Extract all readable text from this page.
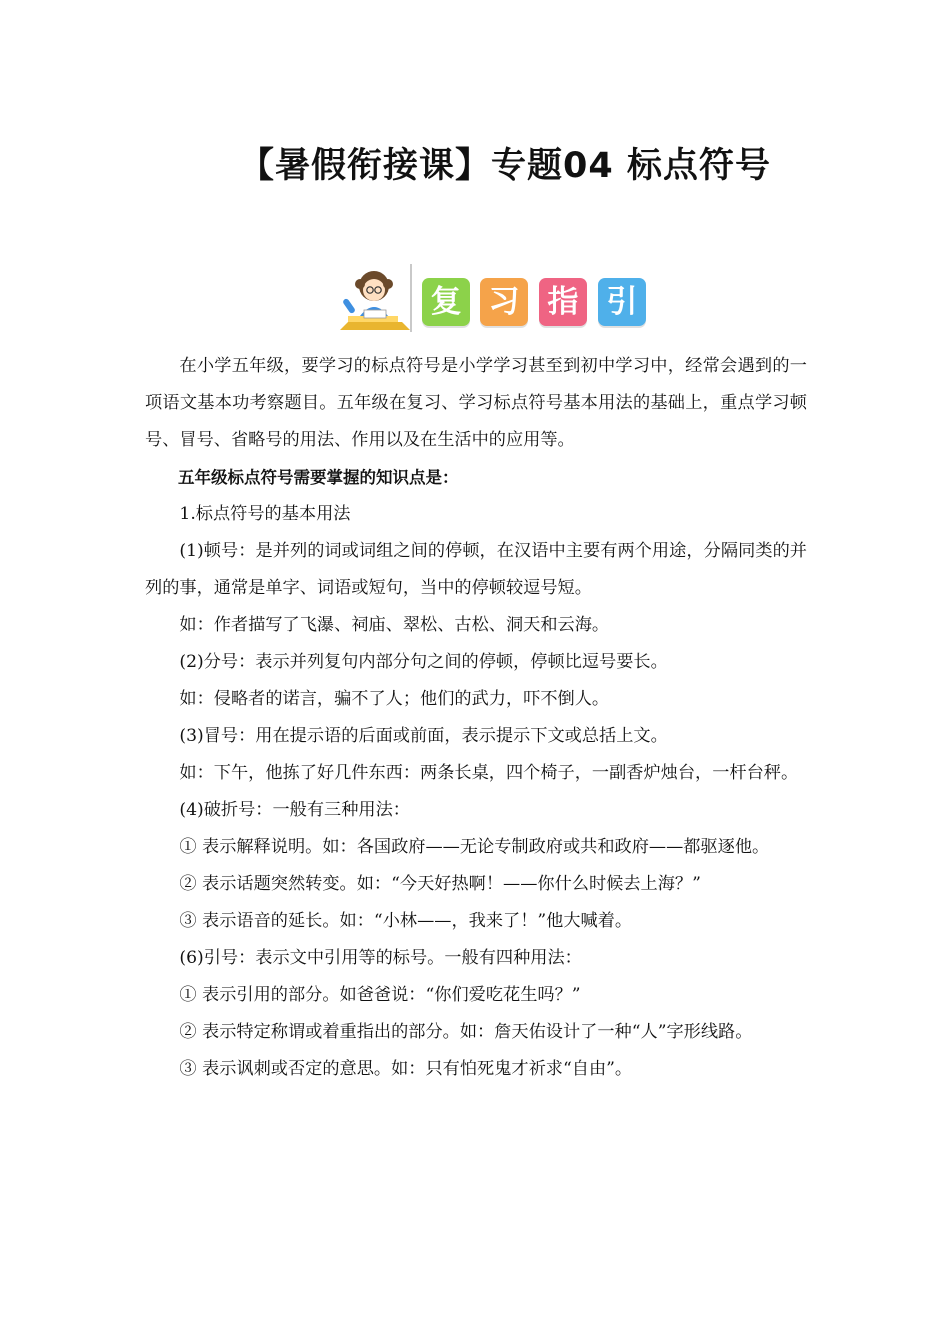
【暑假衔接课】专题04 标点符号
复 习 指 引

在小学五年级，要学习的标点符号是小学学习甚至到初中学习中，经常会遇到的一项语文基本功考察题目。五年级在复习、学习标点符号基本用法的基础上，重点学习顿号、冒号、省略号的用法、作用以及在生活中的应用等。

五年级标点符号需要掌握的知识点是：

1.标点符号的基本用法

(1)顿号：是并列的词或词组之间的停顿，在汉语中主要有两个用途，分隔同类的并列的事，通常是单字、词语或短句，当中的停顿较逗号短。

如：作者描写了飞瀑、祠庙、翠松、古松、洞天和云海。

(2)分号：表示并列复句内部分句之间的停顿，停顿比逗号要长。

如：侵略者的诺言，骗不了人；他们的武力，吓不倒人。

(3)冒号：用在提示语的后面或前面，表示提示下文或总括上文。

如：下午，他拣了好几件东西：两条长桌，四个椅子，一副香炉烛台，一杆台秤。

(4)破折号：一般有三种用法：

① 表示解释说明。如：各国政府——无论专制政府或共和政府——都驱逐他。

② 表示话题突然转变。如：“今天好热啊！——你什么时候去上海？”

③ 表示语音的延长。如：“小林——，我来了！”他大喊着。

(6)引号：表示文中引用等的标号。一般有四种用法：

① 表示引用的部分。如爸爸说：“你们爱吃花生吗？”

② 表示特定称谓或着重指出的部分。如：詹天佑设计了一种“人”字形线路。

③ 表示讽刺或否定的意思。如：只有怕死鬼才祈求“自由”。
